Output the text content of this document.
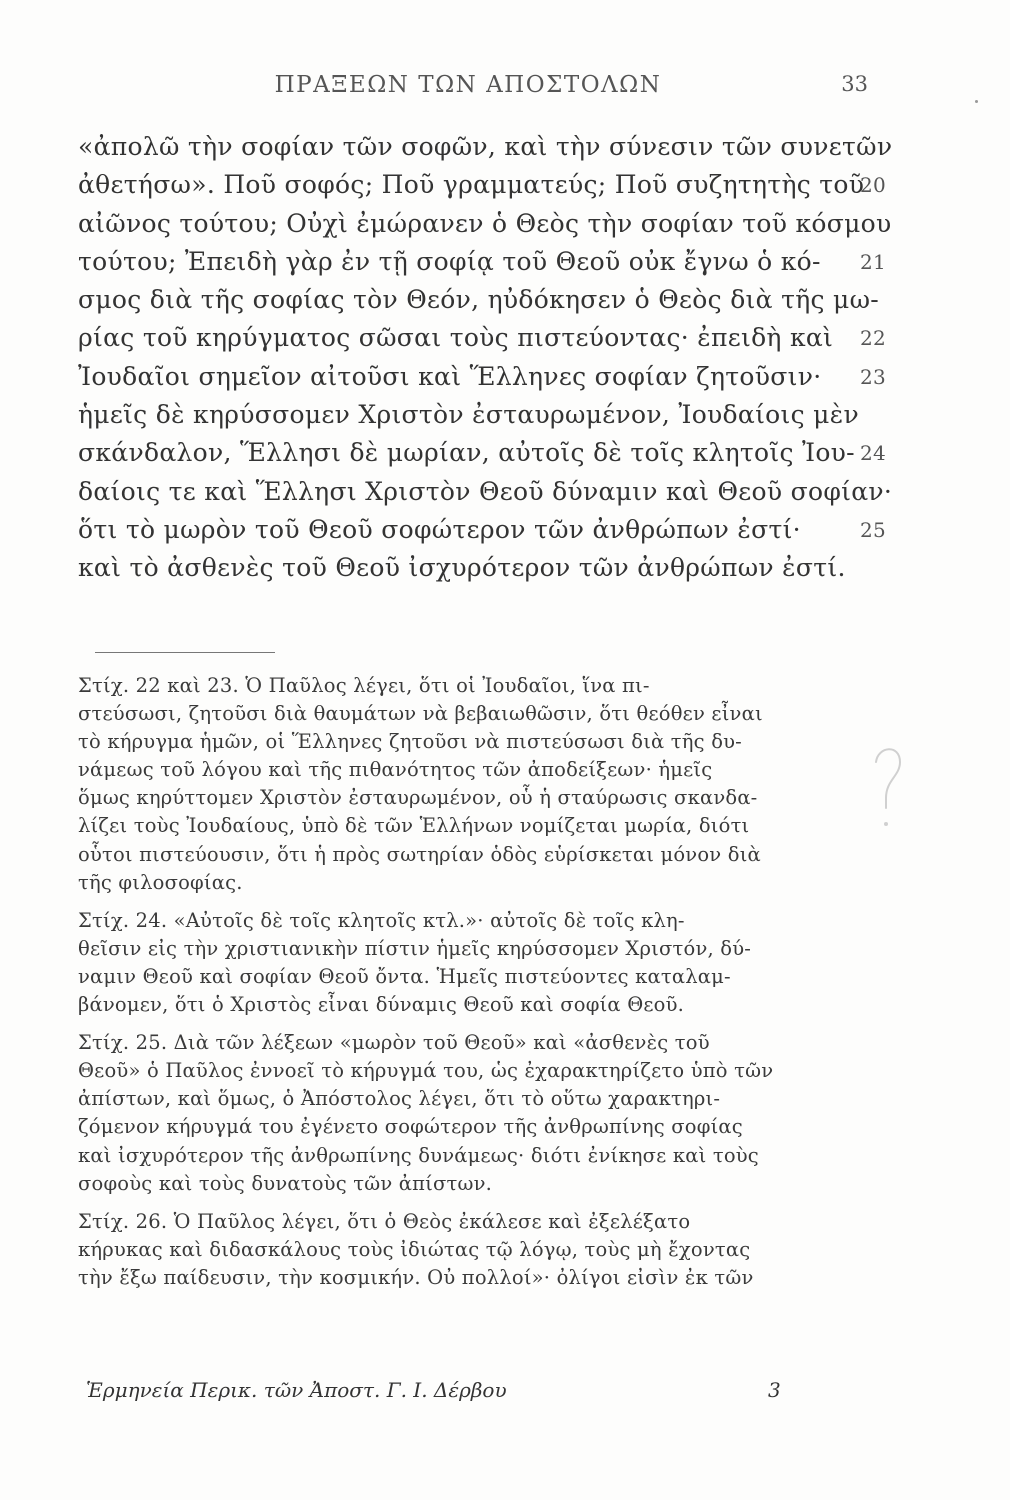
ΠΡΑΞΕΩΝ ΤΩΝ ΑΠΟΣΤΟΛΩΝ	33
«ἀπολῶ τὴν σοφίαν τῶν σοφῶν, καὶ τὴν σύνεσιν τῶν συνετῶν
ἀθετήσω». Ποῦ σοφός; Ποῦ γραμματεύς; Ποῦ συζητητὴς τοῦ
20
αἰῶνος τούτου; Οὐχὶ ἐμώρανεν ὁ Θεὸς τὴν σοφίαν τοῦ κόσμου
τούτου; Ἐπειδὴ γὰρ ἐν τῇ σοφίᾳ τοῦ Θεοῦ οὐκ ἔγνω ὁ κό- 21
σμος διὰ τῆς σοφίας τὸν Θεόν, ηὐδόκησεν ὁ Θεὸς διὰ τῆς μω-
ρίας τοῦ κηρύγματος σῶσαι τοὺς πιστεύοντας· ἐπειδὴ καὶ 22
Ἰουδαῖοι σημεῖον αἰτοῦσι καὶ Ἕλληνες σοφίαν ζητοῦσιν· 23
ἡμεῖς δὲ κηρύσσομεν Χριστὸν ἐσταυρωμένον, Ἰουδαίοις μὲν
σκάνδαλον, Ἕλλησι δὲ μωρίαν, αὐτοῖς δὲ τοῖς κλητοῖς Ἰου- 24
δαίοις τε καὶ Ἕλλησι Χριστὸν Θεοῦ δύναμιν καὶ Θεοῦ σοφίαν·
ὅτι τὸ μωρὸν τοῦ Θεοῦ σοφώτερον τῶν ἀνθρώπων ἐστί·	25
καὶ τὸ ἀσθενὲς τοῦ Θεοῦ ἰσχυρότερον τῶν ἀνθρώπων ἐστί.
Στίχ. 22 καὶ 23. Ὁ Παῦλος λέγει, ὅτι οἱ Ἰουδαῖοι, ἵνα πι-
στεύσωσι, ζητοῦσι διὰ θαυμάτων νὰ βεβαιωθῶσιν, ὅτι θεόθεν εἶναι
τὸ κήρυγμα ἡμῶν, οἱ Ἕλληνες ζητοῦσι νὰ πιστεύσωσι διὰ τῆς δυ-
νάμεως τοῦ λόγου καὶ τῆς πιθανότητος τῶν ἀποδείξεων· ἡμεῖς
ὅμως κηρύττομεν Χριστὸν ἐσταυρωμένον, οὗ ἡ σταύρωσις σκανδα-
λίζει τοὺς Ἰουδαίους, ὑπὸ δὲ τῶν Ἑλλήνων νομίζεται μωρία, διότι
οὗτοι πιστεύουσιν, ὅτι ἡ πρὸς σωτηρίαν ὁδὸς εὑρίσκεται μόνον διὰ
τῆς φιλοσοφίας.
Στίχ. 24. «Αὐτοῖς δὲ τοῖς κλητοῖς κτλ.»· αὐτοῖς δὲ τοῖς κλη-
θεῖσιν εἰς τὴν χριστιανικὴν πίστιν ἡμεῖς κηρύσσομεν Χριστόν, δύ-
ναμιν Θεοῦ καὶ σοφίαν Θεοῦ ὄντα. Ἡμεῖς πιστεύοντες καταλαμ-
βάνομεν, ὅτι ὁ Χριστὸς εἶναι δύναμις Θεοῦ καὶ σοφία Θεοῦ.
Στίχ. 25. Διὰ τῶν λέξεων «μωρὸν τοῦ Θεοῦ» καὶ «ἀσθενὲς τοῦ
Θεοῦ» ὁ Παῦλος ἐννοεῖ τὸ κήρυγμά του, ὡς ἐχαρακτηρίζετο ὑπὸ τῶν
ἀπίστων, καὶ ὅμως, ὁ Ἀπόστολος λέγει, ὅτι τὸ οὕτω χαρακτηρι-
ζόμενον κήρυγμά του ἐγένετο σοφώτερον τῆς ἀνθρωπίνης σοφίας
καὶ ἰσχυρότερον τῆς ἀνθρωπίνης δυνάμεως· διότι ἐνίκησε καὶ τοὺς
σοφοὺς καὶ τοὺς δυνατοὺς τῶν ἀπίστων.
Στίχ. 26. Ὁ Παῦλος λέγει, ὅτι ὁ Θεὸς ἐκάλεσε καὶ ἐξελέξατο
κήρυκας καὶ διδασκάλους τοὺς ἰδιώτας τῷ λόγῳ, τοὺς μὴ ἔχοντας
τὴν ἔξω παίδευσιν, τὴν κοσμικήν. Οὐ πολλοί»· ὀλίγοι εἰσὶν ἐκ τῶν
Ἑρμηνεία Περικ. τῶν Ἀποστ. Γ. Ι. Δέρβου	3
